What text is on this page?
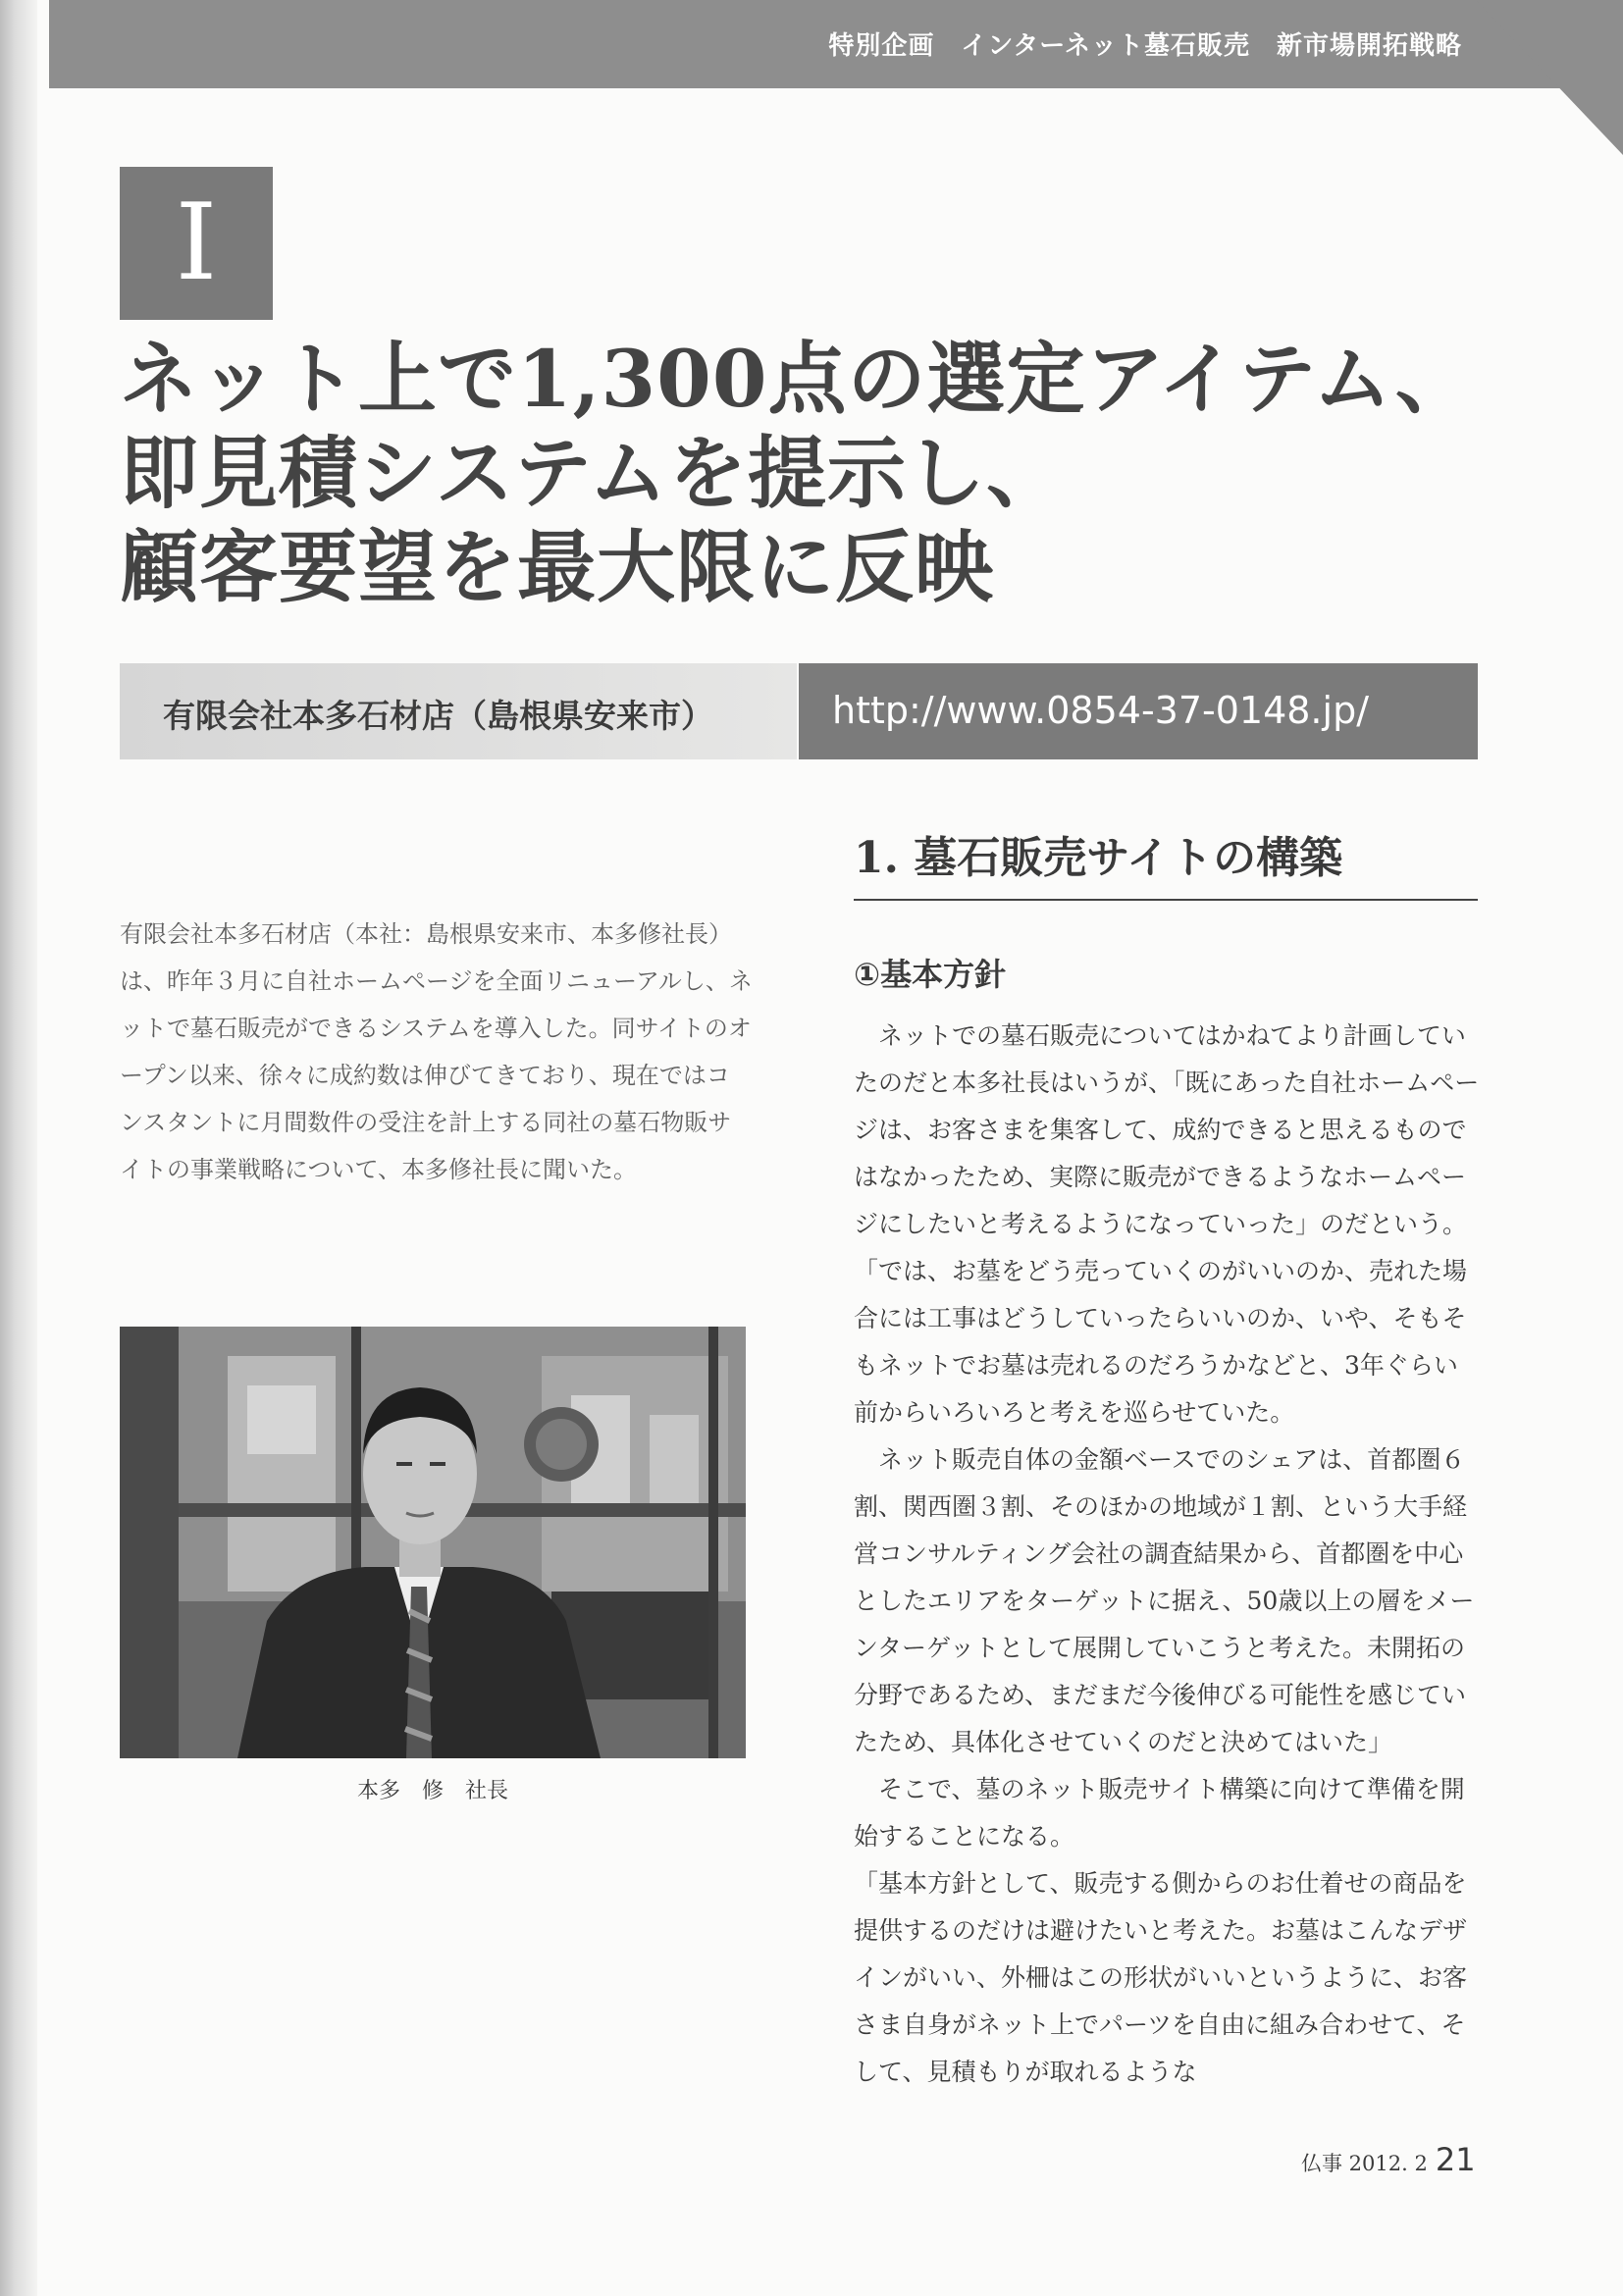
特別企画　インターネット墓石販売　新市場開拓戦略
I
ネット上で1,300点の選定アイテム、
即見積システムを提示し、
顧客要望を最大限に反映
有限会社本多石材店（島根県安来市）	http://www.0854-37-0148.jp/

有限会社本多石材店（本社：島根県安来市、本多修社長）は、昨年３月に自社ホームページを全面リニューアルし、ネットで墓石販売ができるシステムを導入した。同サイトのオープン以来、徐々に成約数は伸びてきており、現在ではコンスタントに月間数件の受注を計上する同社の墓石物販サイトの事業戦略について、本多修社長に聞いた。

本多　修　社長
1. 墓石販売サイトの構築
①基本方針

ネットでの墓石販売についてはかねてより計画していたのだと本多社長はいうが、「既にあった自社ホームページは、お客さまを集客して、成約できると思えるものではなかったため、実際に販売ができるようなホームページにしたいと考えるようになっていった」のだという。

「では、お墓をどう売っていくのがいいのか、売れた場合には工事はどうしていったらいいのか、いや、そもそもネットでお墓は売れるのだろうかなどと、3年ぐらい前からいろいろと考えを巡らせていた。

ネット販売自体の金額ベースでのシェアは、首都圏６割、関西圏３割、そのほかの地域が１割、という大手経営コンサルティング会社の調査結果から、首都圏を中心としたエリアをターゲットに据え、50歳以上の層をメーンターゲットとして展開していこうと考えた。未開拓の分野であるため、まだまだ今後伸びる可能性を感じていたため、具体化させていくのだと決めてはいた」

そこで、墓のネット販売サイト構築に向けて準備を開始することになる。

「基本方針として、販売する側からのお仕着せの商品を提供するのだけは避けたいと考えた。お墓はこんなデザインがいい、外柵はこの形状がいいというように、お客さま自身がネット上でパーツを自由に組み合わせて、そして、見積もりが取れるような

仏事 2012. 2 21
